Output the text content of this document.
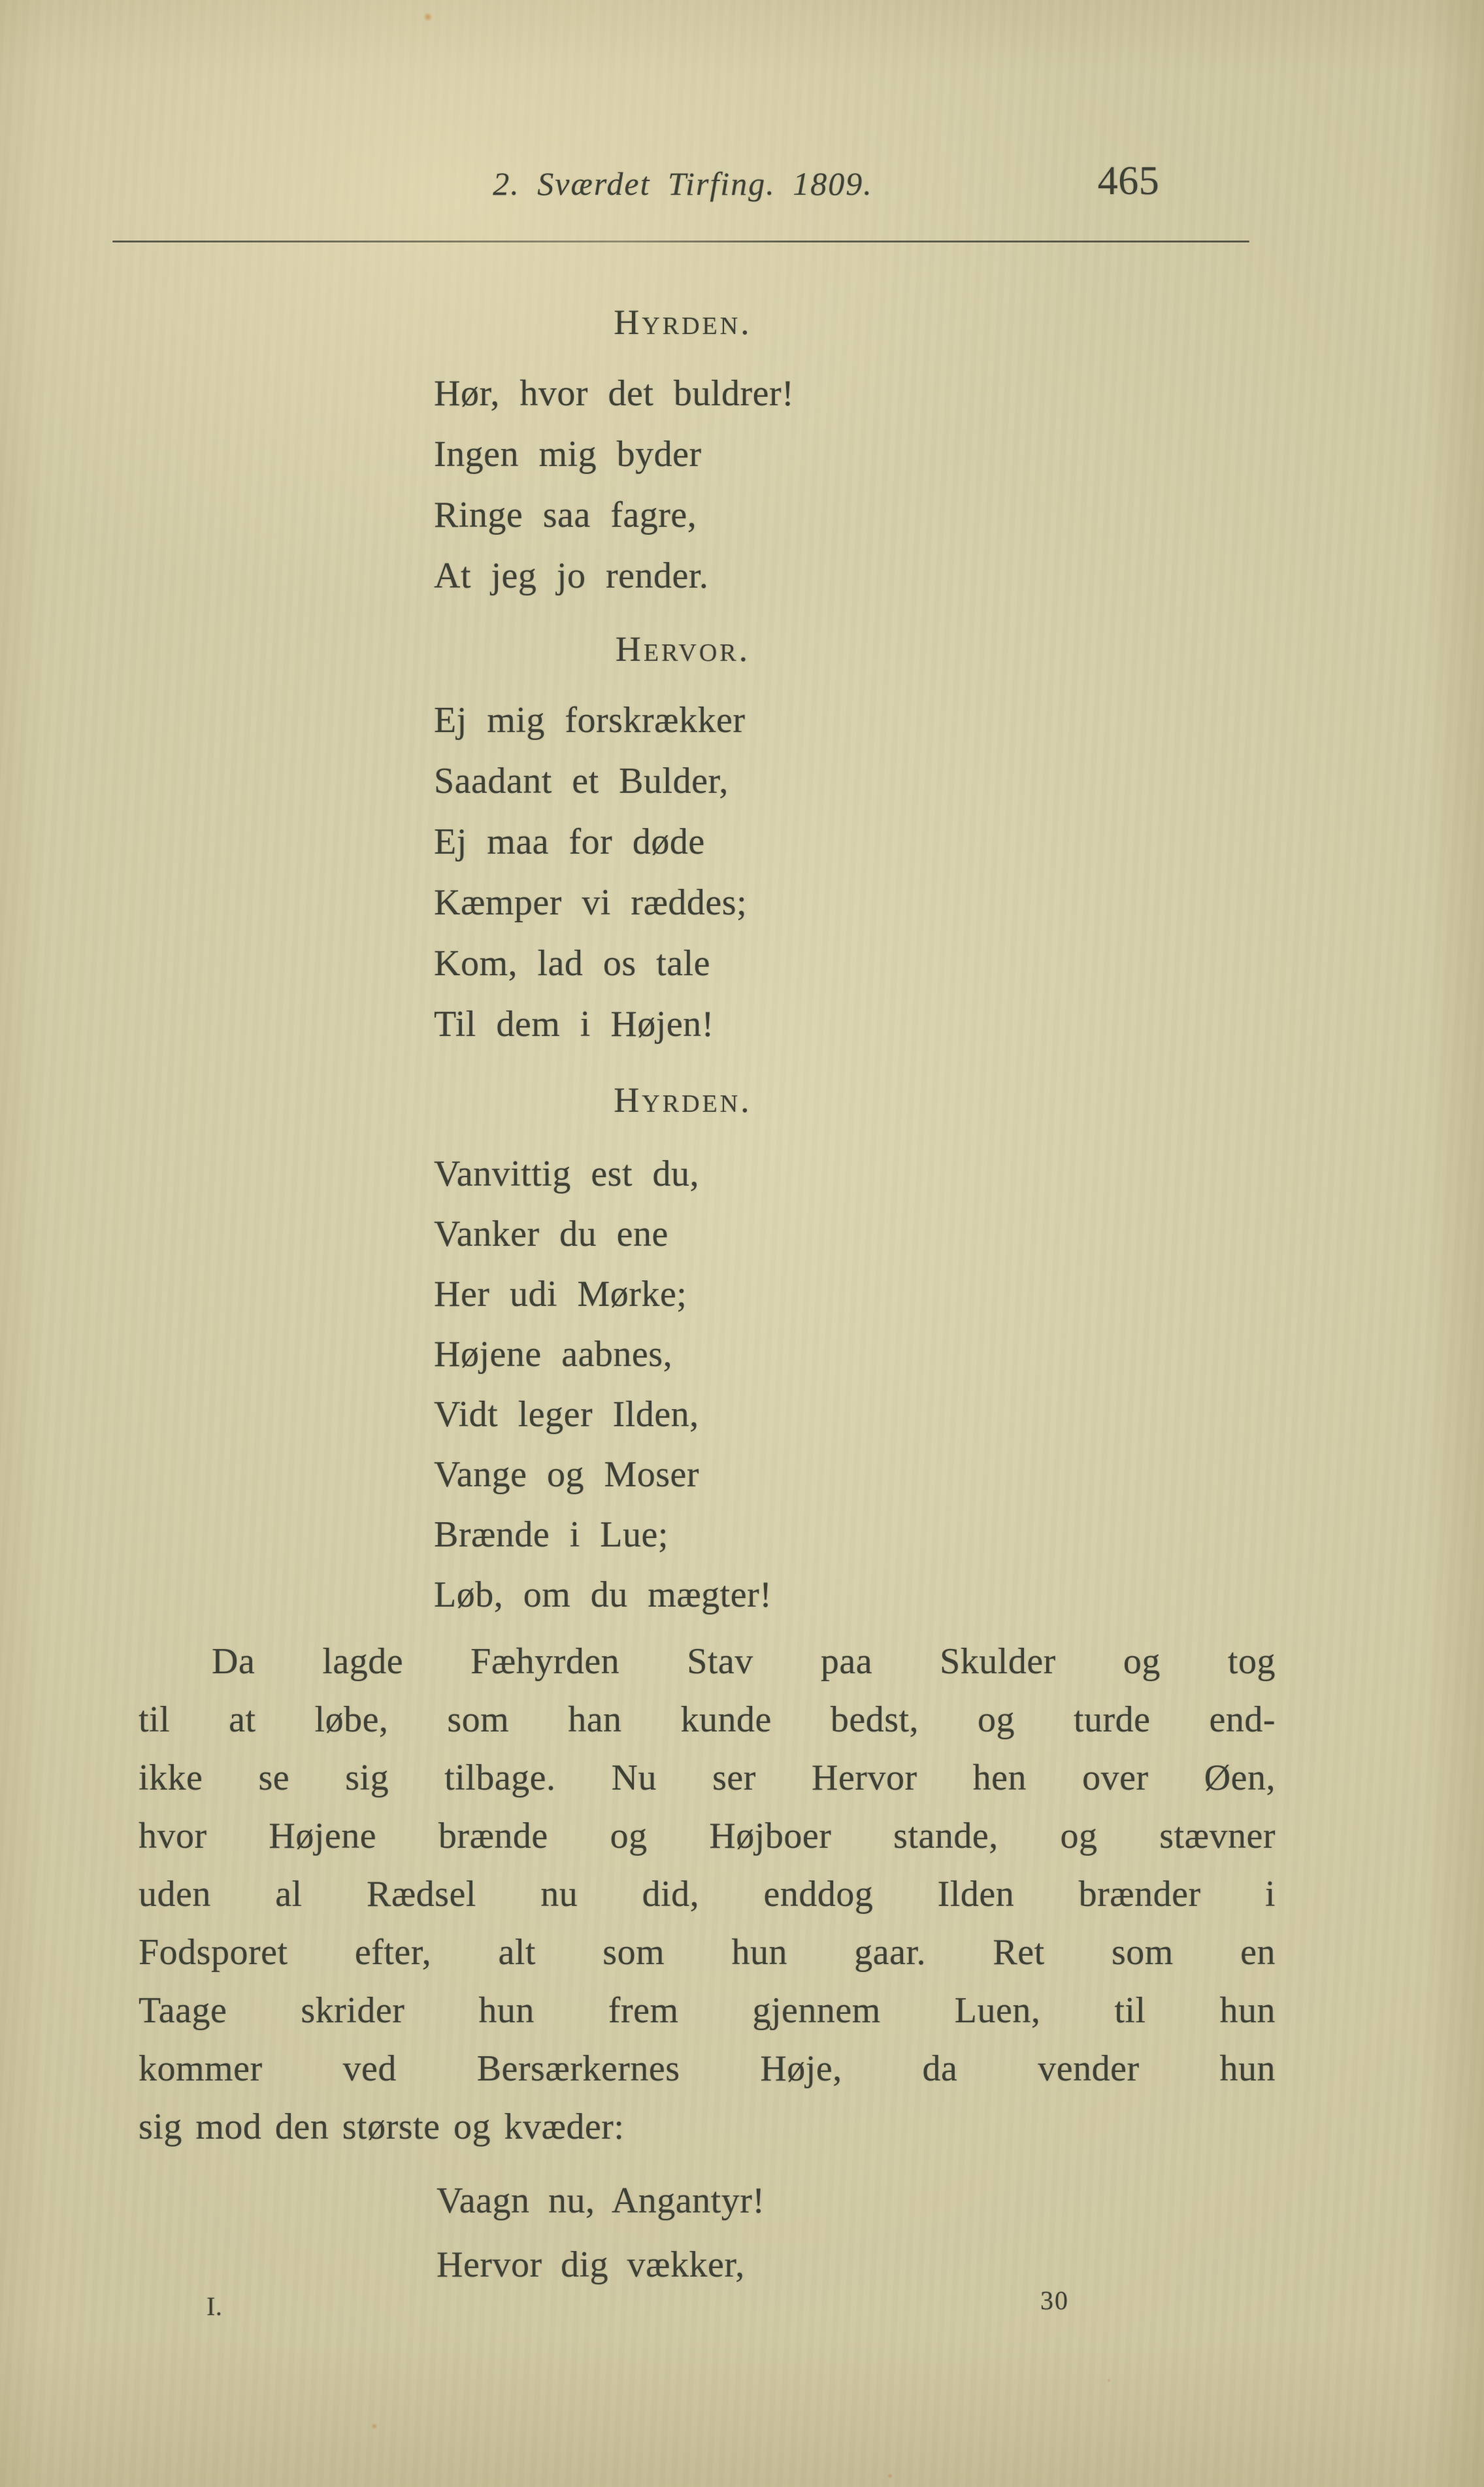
2. Sværdet Tirfing. 1809.	465
Hyrden.
Hør, hvor det buldrer!
Ingen mig byder
Ringe saa fagre,
At jeg jo render.
Hervor.
Ej mig forskrækker
Saadant et Bulder,
Ej maa for døde
Kæmper vi ræddes;
Kom, lad os tale
Til dem i Højen!
Hyrden.
Vanvittig est du,
Vanker du ene
Her udi Mørke;
Højene aabnes,
Vidt leger Ilden,
Vange og Moser
Brænde i Lue;
Løb, om du mægter!
Da lagde Fæhyrden Stav paa Skulder og tog
til at løbe, som han kunde bedst, og turde end-
ikke se sig tilbage. Nu ser Hervor hen over Øen,
hvor Højene brænde og Højboer stande, og stævner
uden al Rædsel nu did, enddog Ilden brænder i
Fodsporet efter, alt som hun gaar. Ret som en
Taage skrider hun frem gjennem Luen, til hun
kommer ved Bersærkernes Høje, da vender hun
sig mod den største og kvæder:
Vaagn nu, Angantyr!
Hervor dig vækker,
I.	30
